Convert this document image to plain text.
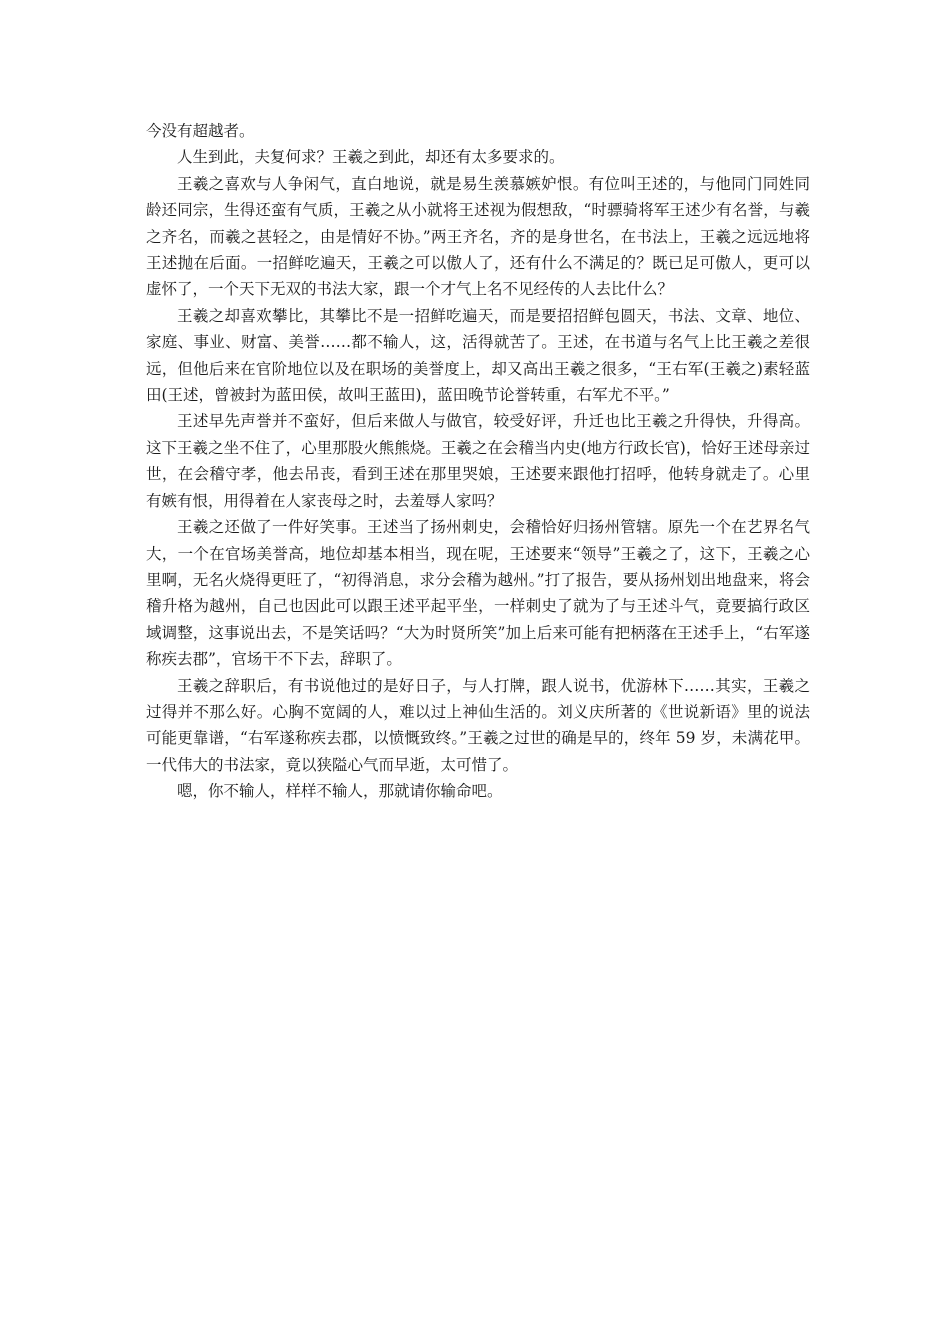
今没有超越者。

人生到此，夫复何求？王羲之到此，却还有太多要求的。

王羲之喜欢与人争闲气，直白地说，就是易生羡慕嫉妒恨。有位叫王述的，与他同门同姓同龄还同宗，生得还蛮有气质，王羲之从小就将王述视为假想敌，“时骠骑将军王述少有名誉，与羲之齐名，而羲之甚轻之，由是情好不协。”两王齐名，齐的是身世名，在书法上，王羲之远远地将王述抛在后面。一招鲜吃遍天，王羲之可以傲人了，还有什么不满足的？既已足可傲人，更可以虚怀了，一个天下无双的书法大家，跟一个才气上名不见经传的人去比什么？

王羲之却喜欢攀比，其攀比不是一招鲜吃遍天，而是要招招鲜包圆天，书法、文章、地位、家庭、事业、财富、美誉……都不输人，这，活得就苦了。王述，在书道与名气上比王羲之差很远，但他后来在官阶地位以及在职场的美誉度上，却又高出王羲之很多，“王右军(王羲之)素轻蓝田(王述，曾被封为蓝田侯，故叫王蓝田)，蓝田晚节论誉转重，右军尤不平。”

王述早先声誉并不蛮好，但后来做人与做官，较受好评，升迁也比王羲之升得快，升得高。这下王羲之坐不住了，心里那股火熊熊烧。王羲之在会稽当内史(地方行政长官)，恰好王述母亲过世，在会稽守孝，他去吊丧，看到王述在那里哭娘，王述要来跟他打招呼，他转身就走了。心里有嫉有恨，用得着在人家丧母之时，去羞辱人家吗？

王羲之还做了一件好笑事。王述当了扬州刺史，会稽恰好归扬州管辖。原先一个在艺界名气大，一个在官场美誉高，地位却基本相当，现在呢，王述要来“领导”王羲之了，这下，王羲之心里啊，无名火烧得更旺了，“初得消息，求分会稽为越州。”打了报告，要从扬州划出地盘来，将会稽升格为越州，自己也因此可以跟王述平起平坐，一样刺史了就为了与王述斗气，竟要搞行政区域调整，这事说出去，不是笑话吗？“大为时贤所笑”加上后来可能有把柄落在王述手上，“右军遂称疾去郡”，官场干不下去，辞职了。

王羲之辞职后，有书说他过的是好日子，与人打牌，跟人说书，优游林下……其实，王羲之过得并不那么好。心胸不宽阔的人，难以过上神仙生活的。刘义庆所著的《世说新语》里的说法可能更靠谱，“右军遂称疾去郡，以愤慨致终。”王羲之过世的确是早的，终年 59 岁，未满花甲。一代伟大的书法家，竟以狭隘心气而早逝，太可惜了。

嗯，你不输人，样样不输人，那就请你输命吧。
